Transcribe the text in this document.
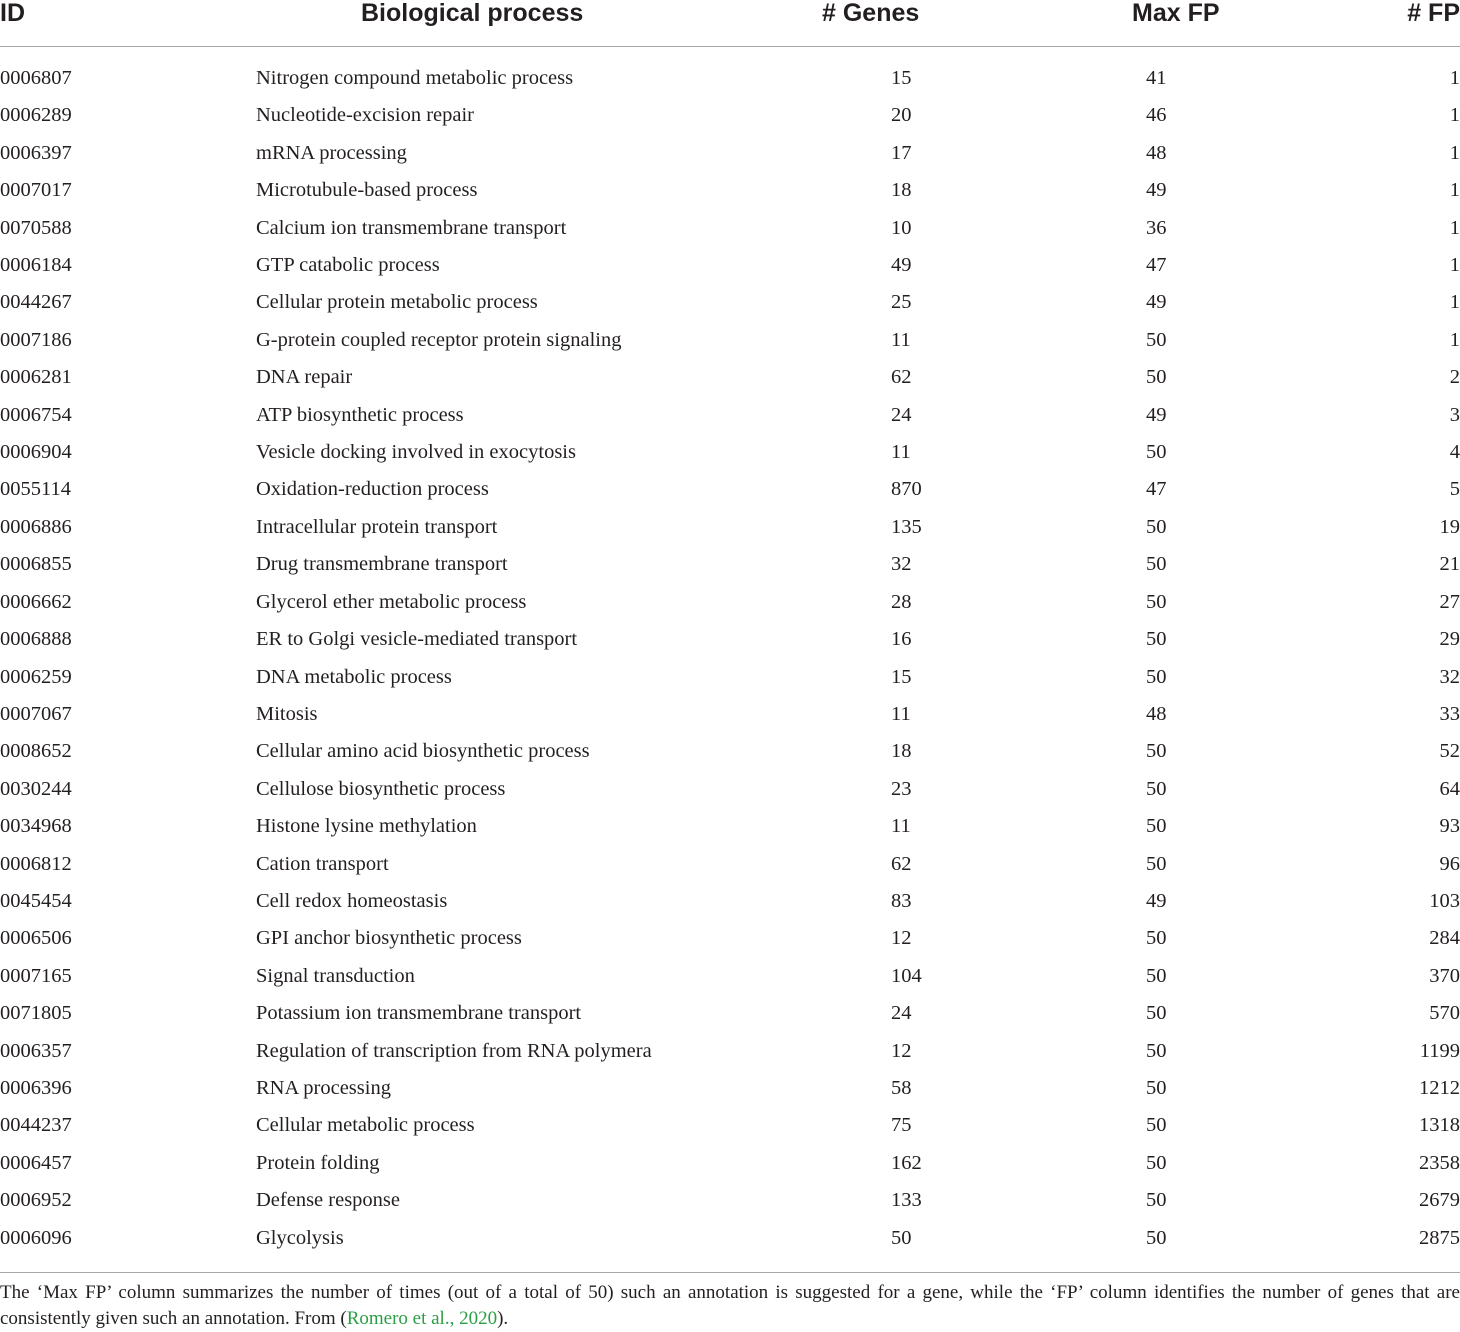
ID	Biological process	# Genes	Max FP	# FP
0006807	Nitrogen compound metabolic process	15	41	1
0006289	Nucleotide-excision repair	20	46	1
0006397	mRNA processing	17	48	1
0007017	Microtubule-based process	18	49	1
0070588	Calcium ion transmembrane transport	10	36	1
0006184	GTP catabolic process	49	47	1
0044267	Cellular protein metabolic process	25	49	1
0007186	G-protein coupled receptor protein signaling	11	50	1
0006281	DNA repair	62	50	2
0006754	ATP biosynthetic process	24	49	3
0006904	Vesicle docking involved in exocytosis	11	50	4
0055114	Oxidation-reduction process	870	47	5
0006886	Intracellular protein transport	135	50	19
0006855	Drug transmembrane transport	32	50	21
0006662	Glycerol ether metabolic process	28	50	27
0006888	ER to Golgi vesicle-mediated transport	16	50	29
0006259	DNA metabolic process	15	50	32
0007067	Mitosis	11	48	33
0008652	Cellular amino acid biosynthetic process	18	50	52
0030244	Cellulose biosynthetic process	23	50	64
0034968	Histone lysine methylation	11	50	93
0006812	Cation transport	62	50	96
0045454	Cell redox homeostasis	83	49	103
0006506	GPI anchor biosynthetic process	12	50	284
0007165	Signal transduction	104	50	370
0071805	Potassium ion transmembrane transport	24	50	570
0006357	Regulation of transcription from RNA polymera	12	50	1199
0006396	RNA processing	58	50	1212
0044237	Cellular metabolic process	75	50	1318
0006457	Protein folding	162	50	2358
0006952	Defense response	133	50	2679
0006096	Glycolysis	50	50	2875
The ‘Max FP’ column summarizes the number of times (out of a total of 50) such an annotation is suggested for a gene, while the ‘FP’ column identifies the number of genes that are consistently given such an annotation. From (Romero et al., 2020).
